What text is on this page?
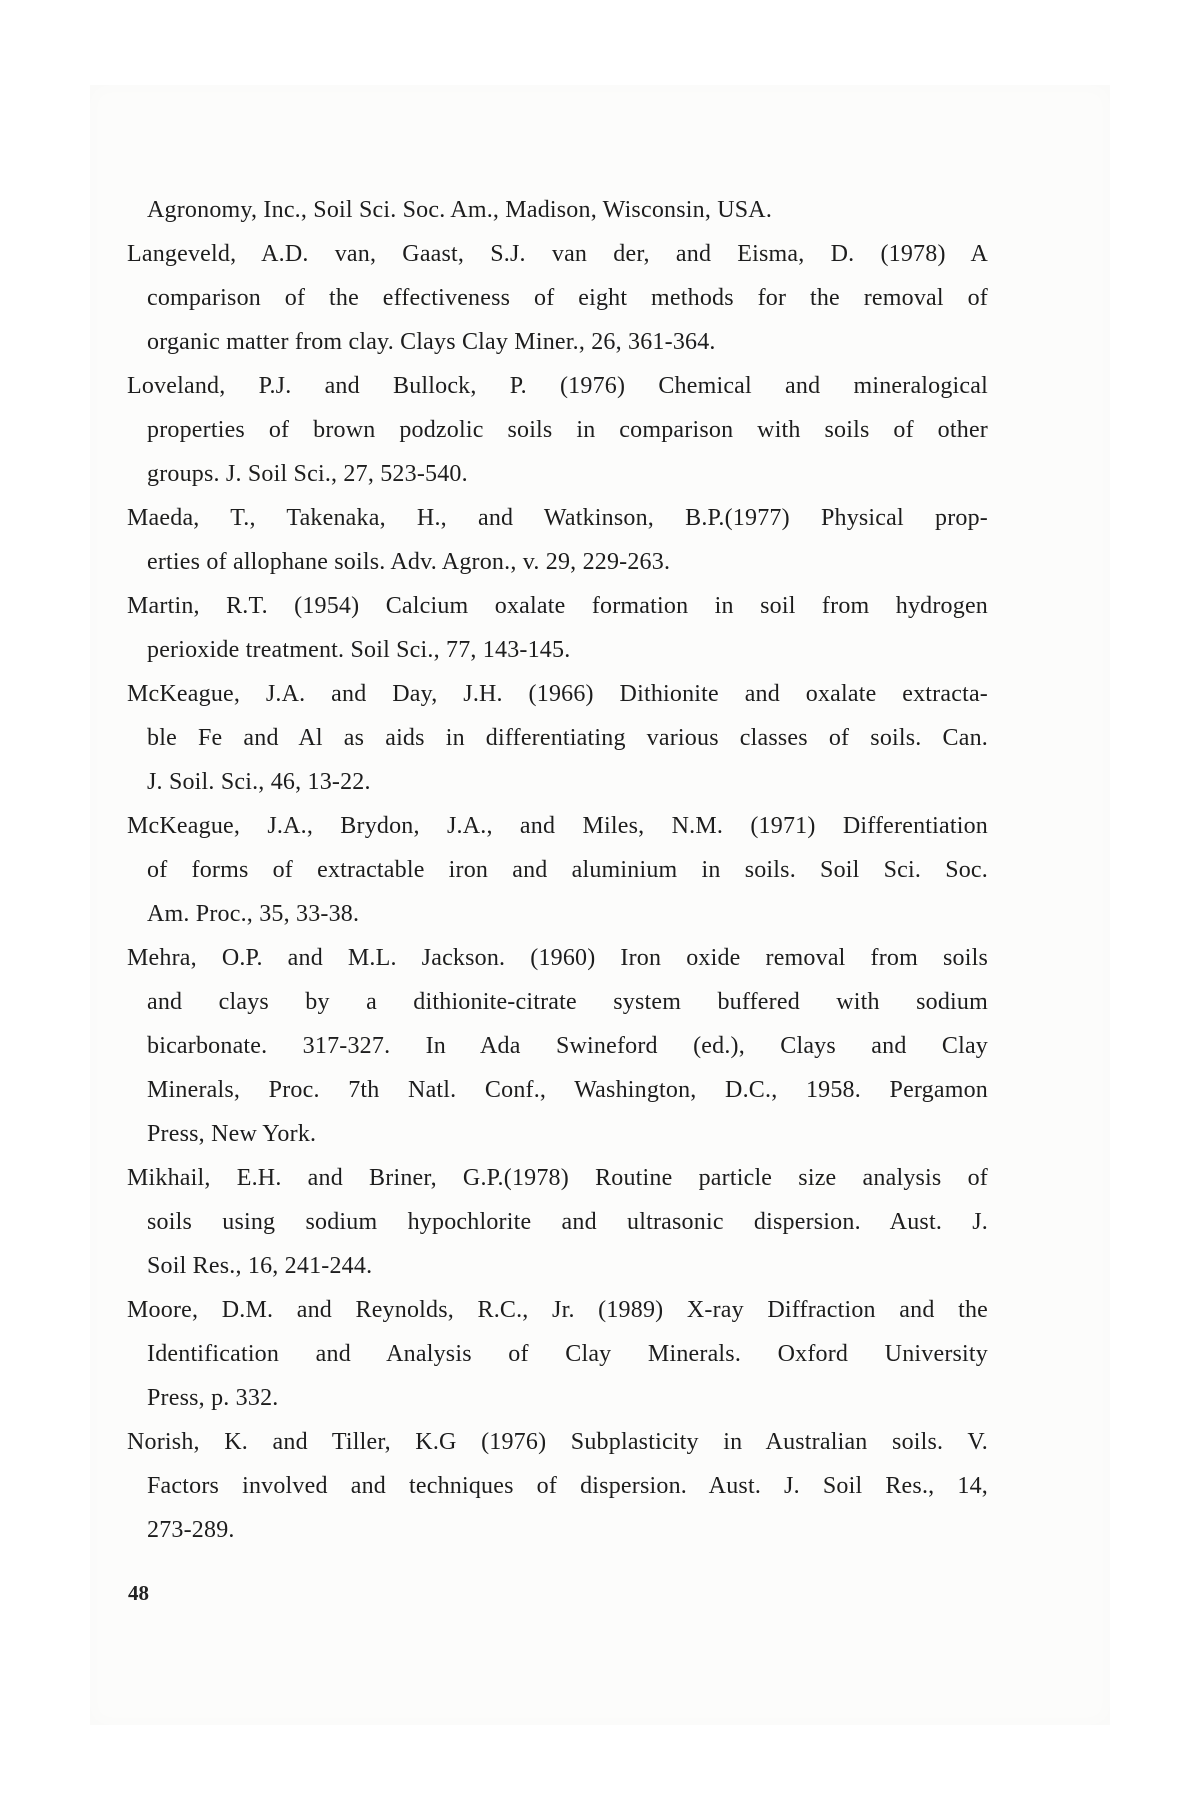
Agronomy, Inc., Soil Sci. Soc. Am., Madison, Wisconsin, USA.
Langeveld, A.D. van, Gaast, S.J. van der, and Eisma, D. (1978) A
comparison of the effectiveness of eight methods for the removal of
organic matter from clay. Clays Clay Miner., 26, 361-364.
Loveland, P.J. and Bullock, P. (1976) Chemical and mineralogical
properties of brown podzolic soils in comparison with soils of other
groups. J. Soil Sci., 27, 523-540.
Maeda, T., Takenaka, H., and Watkinson, B.P.(1977) Physical prop-
erties of allophane soils. Adv. Agron., v. 29, 229-263.
Martin, R.T. (1954) Calcium oxalate formation in soil from hydrogen
perioxide treatment. Soil Sci., 77, 143-145.
McKeague, J.A. and Day, J.H. (1966) Dithionite and oxalate extracta-
ble Fe and Al as aids in differentiating various classes of soils. Can.
J. Soil. Sci., 46, 13-22.
McKeague, J.A., Brydon, J.A., and Miles, N.M. (1971) Differentiation
of forms of extractable iron and aluminium in soils. Soil Sci. Soc.
Am. Proc., 35, 33-38.
Mehra, O.P. and M.L. Jackson. (1960) Iron oxide removal from soils
and clays by a dithionite-citrate system buffered with sodium
bicarbonate. 317-327. In Ada Swineford (ed.), Clays and Clay
Minerals, Proc. 7th Natl. Conf., Washington, D.C., 1958. Pergamon
Press, New York.
Mikhail, E.H. and Briner, G.P.(1978) Routine particle size analysis of
soils using sodium hypochlorite and ultrasonic dispersion. Aust. J.
Soil Res., 16, 241-244.
Moore, D.M. and Reynolds, R.C., Jr. (1989) X-ray Diffraction and the
Identification and Analysis of Clay Minerals. Oxford University
Press, p. 332.
Norish, K. and Tiller, K.G (1976) Subplasticity in Australian soils. V.
Factors involved and techniques of dispersion. Aust. J. Soil Res., 14,
273-289.
48
